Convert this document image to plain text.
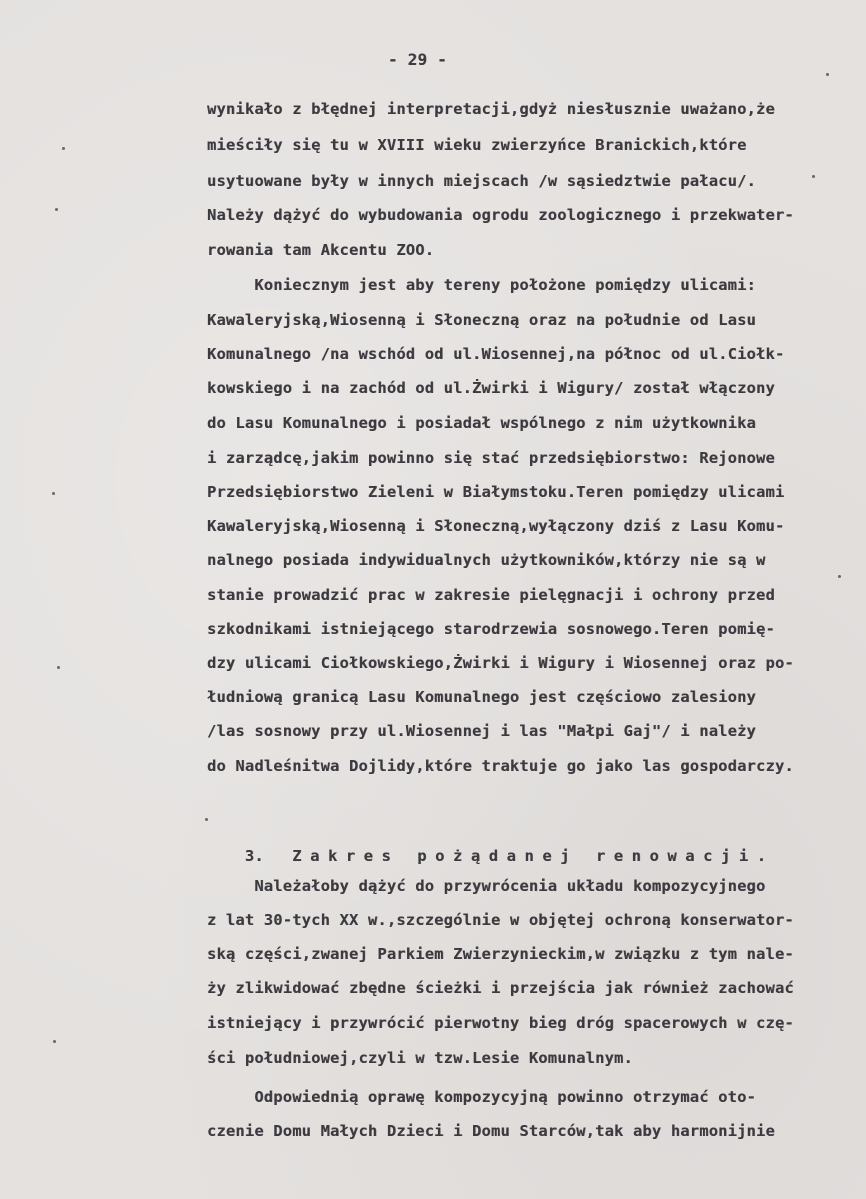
- 29 -
wynikało z błędnej interpretacji,gdyż niesłusznie uważano,że
mieściły się tu w XVIII wieku zwierzyńce Branickich,które
usytuowane były w innych miejscach /w sąsiedztwie pałacu/.
Należy dążyć do wybudowania ogrodu zoologicznego i przekwater-
rowania tam Akcentu ZOO.
Koniecznym jest aby tereny położone pomiędzy ulicami:
Kawaleryjską,Wiosenną i Słoneczną oraz na południe od Lasu
Komunalnego /na wschód od ul.Wiosennej,na północ od ul.Ciołk-
kowskiego i na zachód od ul.Żwirki i Wigury/ został włączony
do Lasu Komunalnego i posiadał wspólnego z nim użytkownika
i zarządcę,jakim powinno się stać przedsiębiorstwo: Rejonowe
Przedsiębiorstwo Zieleni w Białymstoku.Teren pomiędzy ulicami
Kawaleryjską,Wiosenną i Słoneczną,wyłączony dziś z Lasu Komu-
nalnego posiada indywidualnych użytkowników,którzy nie są w
stanie prowadzić prac w zakresie pielęgnacji i ochrony przed
szkodnikami istniejącego starodrzewia sosnowego.Teren pomię-
dzy ulicami Ciołkowskiego,Żwirki i Wigury i Wiosennej oraz po-
łudniową granicą Lasu Komunalnego jest częściowo zalesiony
/las sosnowy przy ul.Wiosennej i las "Małpi Gaj"/ i należy
do Nadleśnitwa Dojlidy,które traktuje go jako las gospodarczy.

3. Zakres pożądanej renowacji.

Należałoby dążyć do przywrócenia układu kompozycyjnego
z lat 30-tych XX w.,szczególnie w objętej ochroną konserwator-
ską części,zwanej Parkiem Zwierzynieckim,w związku z tym nale-
ży zlikwidować zbędne ścieżki i przejścia jak również zachować
istniejący i przywrócić pierwotny bieg dróg spacerowych w czę-
ści południowej,czyli w tzw.Lesie Komunalnym.
Odpowiednią oprawę kompozycyjną powinno otrzymać oto-
czenie Domu Małych Dzieci i Domu Starców,tak aby harmonijnie
